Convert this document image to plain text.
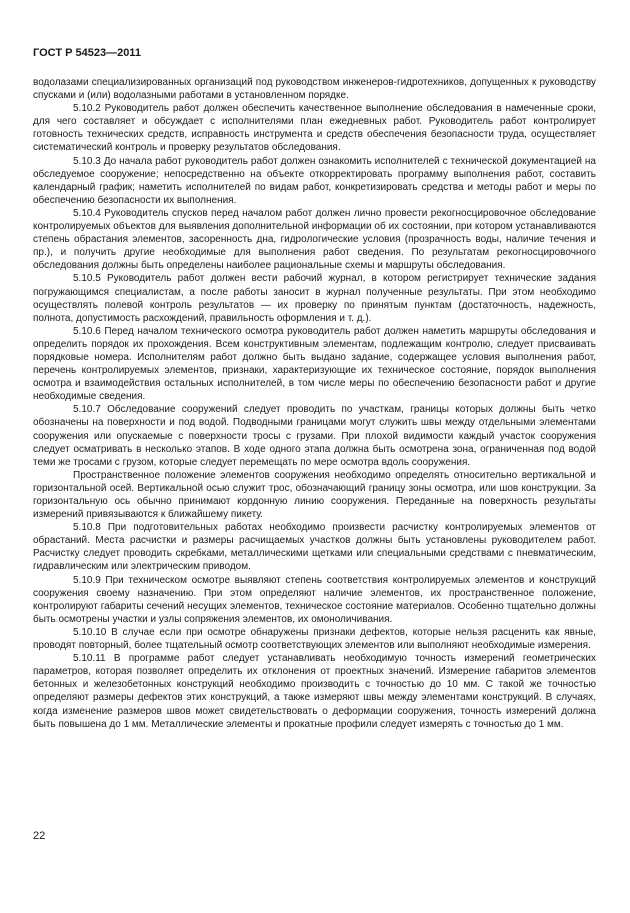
ГОСТ Р 54523—2011

водолазами специализированных организаций под руководством инженеров-гидротехников, допущенных к руководству спусками и (или) водолазными работами в установленном порядке.

5.10.2 Руководитель работ должен обеспечить качественное выполнение обследования в намеченные сроки, для чего составляет и обсуждает с исполнителями план ежедневных работ. Руководитель работ контролирует готовность технических средств, исправность инструмента и средств обеспечения безопасности труда, осуществляет систематический контроль и проверку результатов обследования.

5.10.3 До начала работ руководитель работ должен ознакомить исполнителей с технической документацией на обследуемое сооружение; непосредственно на объекте откорректировать программу выполнения работ, составить календарный график; наметить исполнителей по видам работ, конкретизировать средства и методы работ и меры по обеспечению безопасности их выполнения.

5.10.4 Руководитель спусков перед началом работ должен лично провести рекогносцировочное обследование контролируемых объектов для выявления дополнительной информации об их состоянии, при котором устанавливаются степень обрастания элементов, засоренность дна, гидрологические условия (прозрачность воды, наличие течения и пр.), и получить другие необходимые для выполнения работ сведения. По результатам рекогносцировочного обследования должны быть определены наиболее рациональные схемы и маршруты обследования.

5.10.5 Руководитель работ должен вести рабочий журнал, в котором регистрирует технические задания погружающимся специалистам, а после работы заносит в журнал полученные результаты. При этом необходимо осуществлять полевой контроль результатов — их проверку по принятым пунктам (достаточность, надежность, полнота, допустимость расхождений, правильность оформления и т. д.).

5.10.6 Перед началом технического осмотра руководитель работ должен наметить маршруты обследования и определить порядок их прохождения. Всем конструктивным элементам, подлежащим контролю, следует присваивать порядковые номера. Исполнителям работ должно быть выдано задание, содержащее условия выполнения работ, перечень контролируемых элементов, признаки, характеризующие их техническое состояние, порядок выполнения осмотра и взаимодействия остальных исполнителей, в том числе меры по обеспечению безопасности работ и другие необходимые сведения.

5.10.7 Обследование сооружений следует проводить по участкам, границы которых должны быть четко обозначены на поверхности и под водой. Подводными границами могут служить швы между отдельными элементами сооружения или опускаемые с поверхности тросы с грузами. При плохой видимости каждый участок сооружения следует осматривать в несколько этапов. В ходе одного этапа должна быть осмотрена зона, ограниченная под водой теми же тросами с грузом, которые следует перемещать по мере осмотра вдоль сооружения.

Пространственное положение элементов сооружения необходимо определять относительно вертикальной и горизонтальной осей. Вертикальной осью служит трос, обозначающий границу зоны осмотра, или шов конструкции. За горизонтальную ось обычно принимают кордонную линию сооружения. Переданные на поверхность результаты измерений привязываются к ближайшему пикету.

5.10.8 При подготовительных работах необходимо произвести расчистку контролируемых элементов от обрастаний. Места расчистки и размеры расчищаемых участков должны быть установлены руководителем работ. Расчистку следует проводить скребками, металлическими щетками или специальными средствами с пневматическим, гидравлическим или электрическим приводом.

5.10.9 При техническом осмотре выявляют степень соответствия контролируемых элементов и конструкций сооружения своему назначению. При этом определяют наличие элементов, их пространственное положение, контролируют габариты сечений несущих элементов, техническое состояние материалов. Особенно тщательно должны быть осмотрены участки и узлы сопряжения элементов, их омоноличивания.

5.10.10 В случае если при осмотре обнаружены признаки дефектов, которые нельзя расценить как явные, проводят повторный, более тщательный осмотр соответствующих элементов или выполняют необходимые измерения.

5.10.11 В программе работ следует устанавливать необходимую точность измерений геометрических параметров, которая позволяет определить их отклонения от проектных значений. Измерение габаритов элементов бетонных и железобетонных конструкций необходимо производить с точностью до 10 мм. С такой же точностью определяют размеры дефектов этих конструкций, а также измеряют швы между элементами конструкций. В случаях, когда изменение размеров швов может свидетельствовать о деформации сооружения, точность измерений должна быть повышена до 1 мм. Металлические элементы и прокатные профили следует измерять с точностью до 1 мм.

22
